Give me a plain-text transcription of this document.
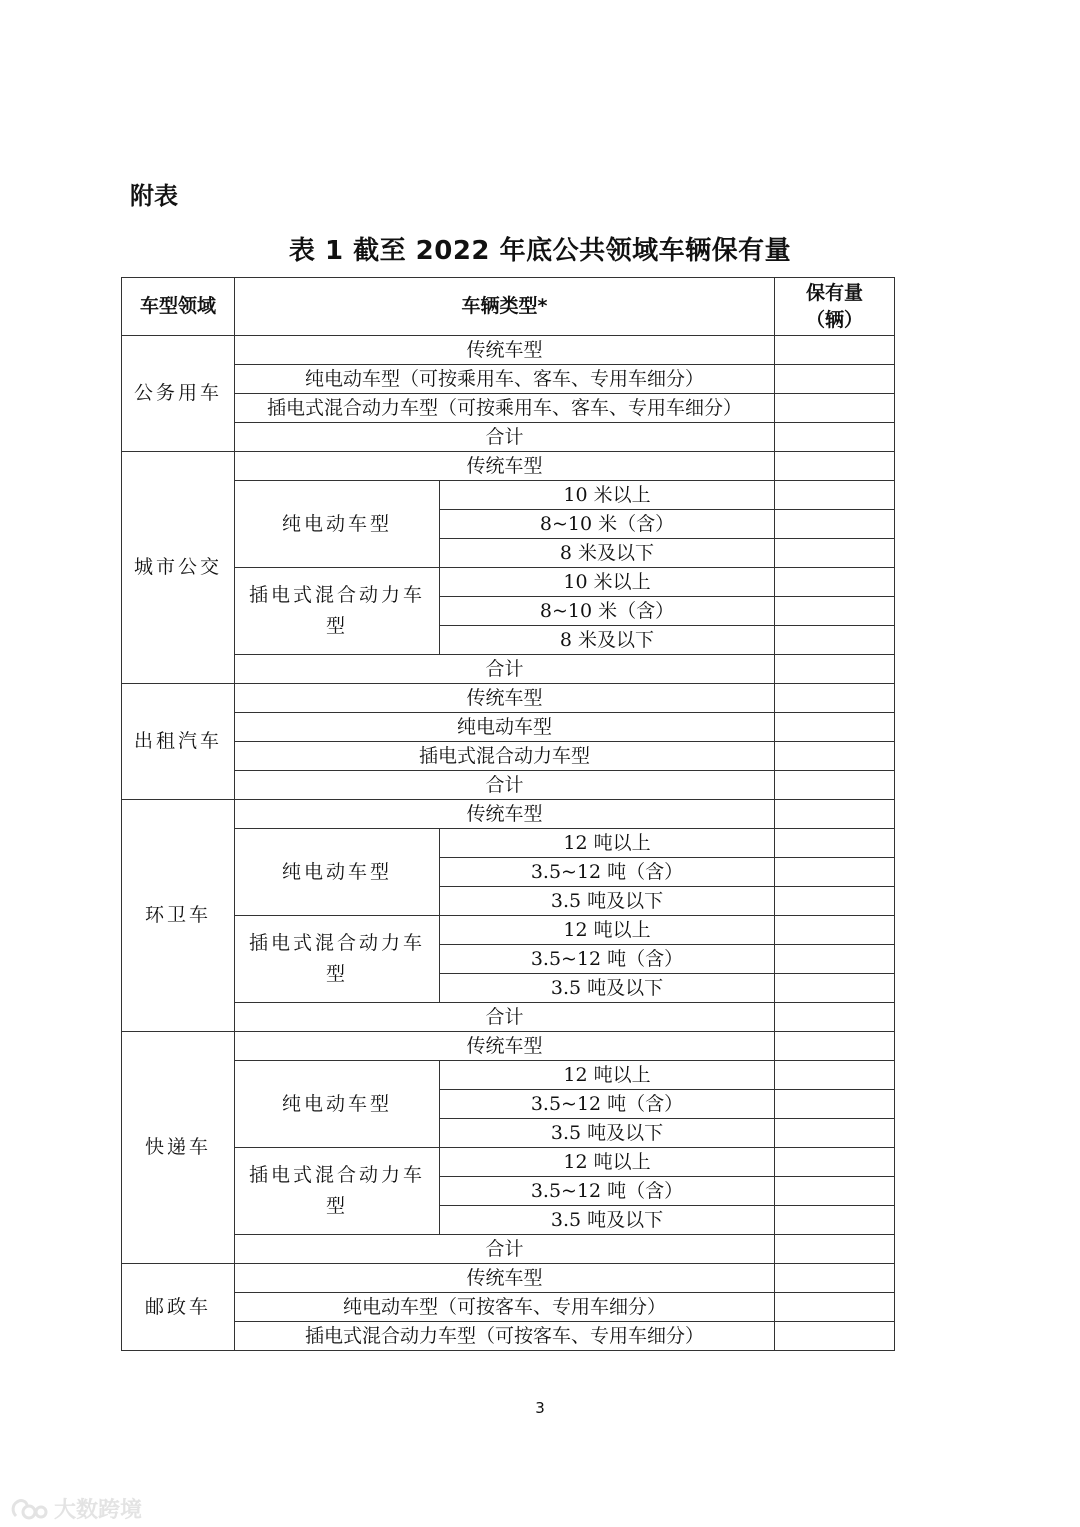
附表
表 1 截至 2022 年底公共领域车辆保有量
车型领域	车辆类型*		保有量
（辆）
公务用车	传统车型		
	纯电动车型（可按乘用车、客车、专用车细分）		
	插电式混合动力车型（可按乘用车、客车、专用车细分）		
	合计		
城市公交	传统车型		
	纯电动车型	10 米以上	
		8~10 米（含）	
		8 米及以下	
	插电式混合动力车型	10 米以上	
		8~10 米（含）	
		8 米及以下	
	合计		
出租汽车	传统车型		
	纯电动车型		
	插电式混合动力车型		
	合计		
环卫车	传统车型		
	纯电动车型	12 吨以上	
		3.5~12 吨（含）	
		3.5 吨及以下	
	插电式混合动力车型	12 吨以上	
		3.5~12 吨（含）	
		3.5 吨及以下	
	合计		
快递车	传统车型		
	纯电动车型	12 吨以上	
		3.5~12 吨（含）	
		3.5 吨及以下	
	插电式混合动力车型	12 吨以上	
		3.5~12 吨（含）	
		3.5 吨及以下	
	合计		
邮政车	传统车型		
	纯电动车型（可按客车、专用车细分）		
	插电式混合动力车型（可按客车、专用车细分）		
3
大数跨境
